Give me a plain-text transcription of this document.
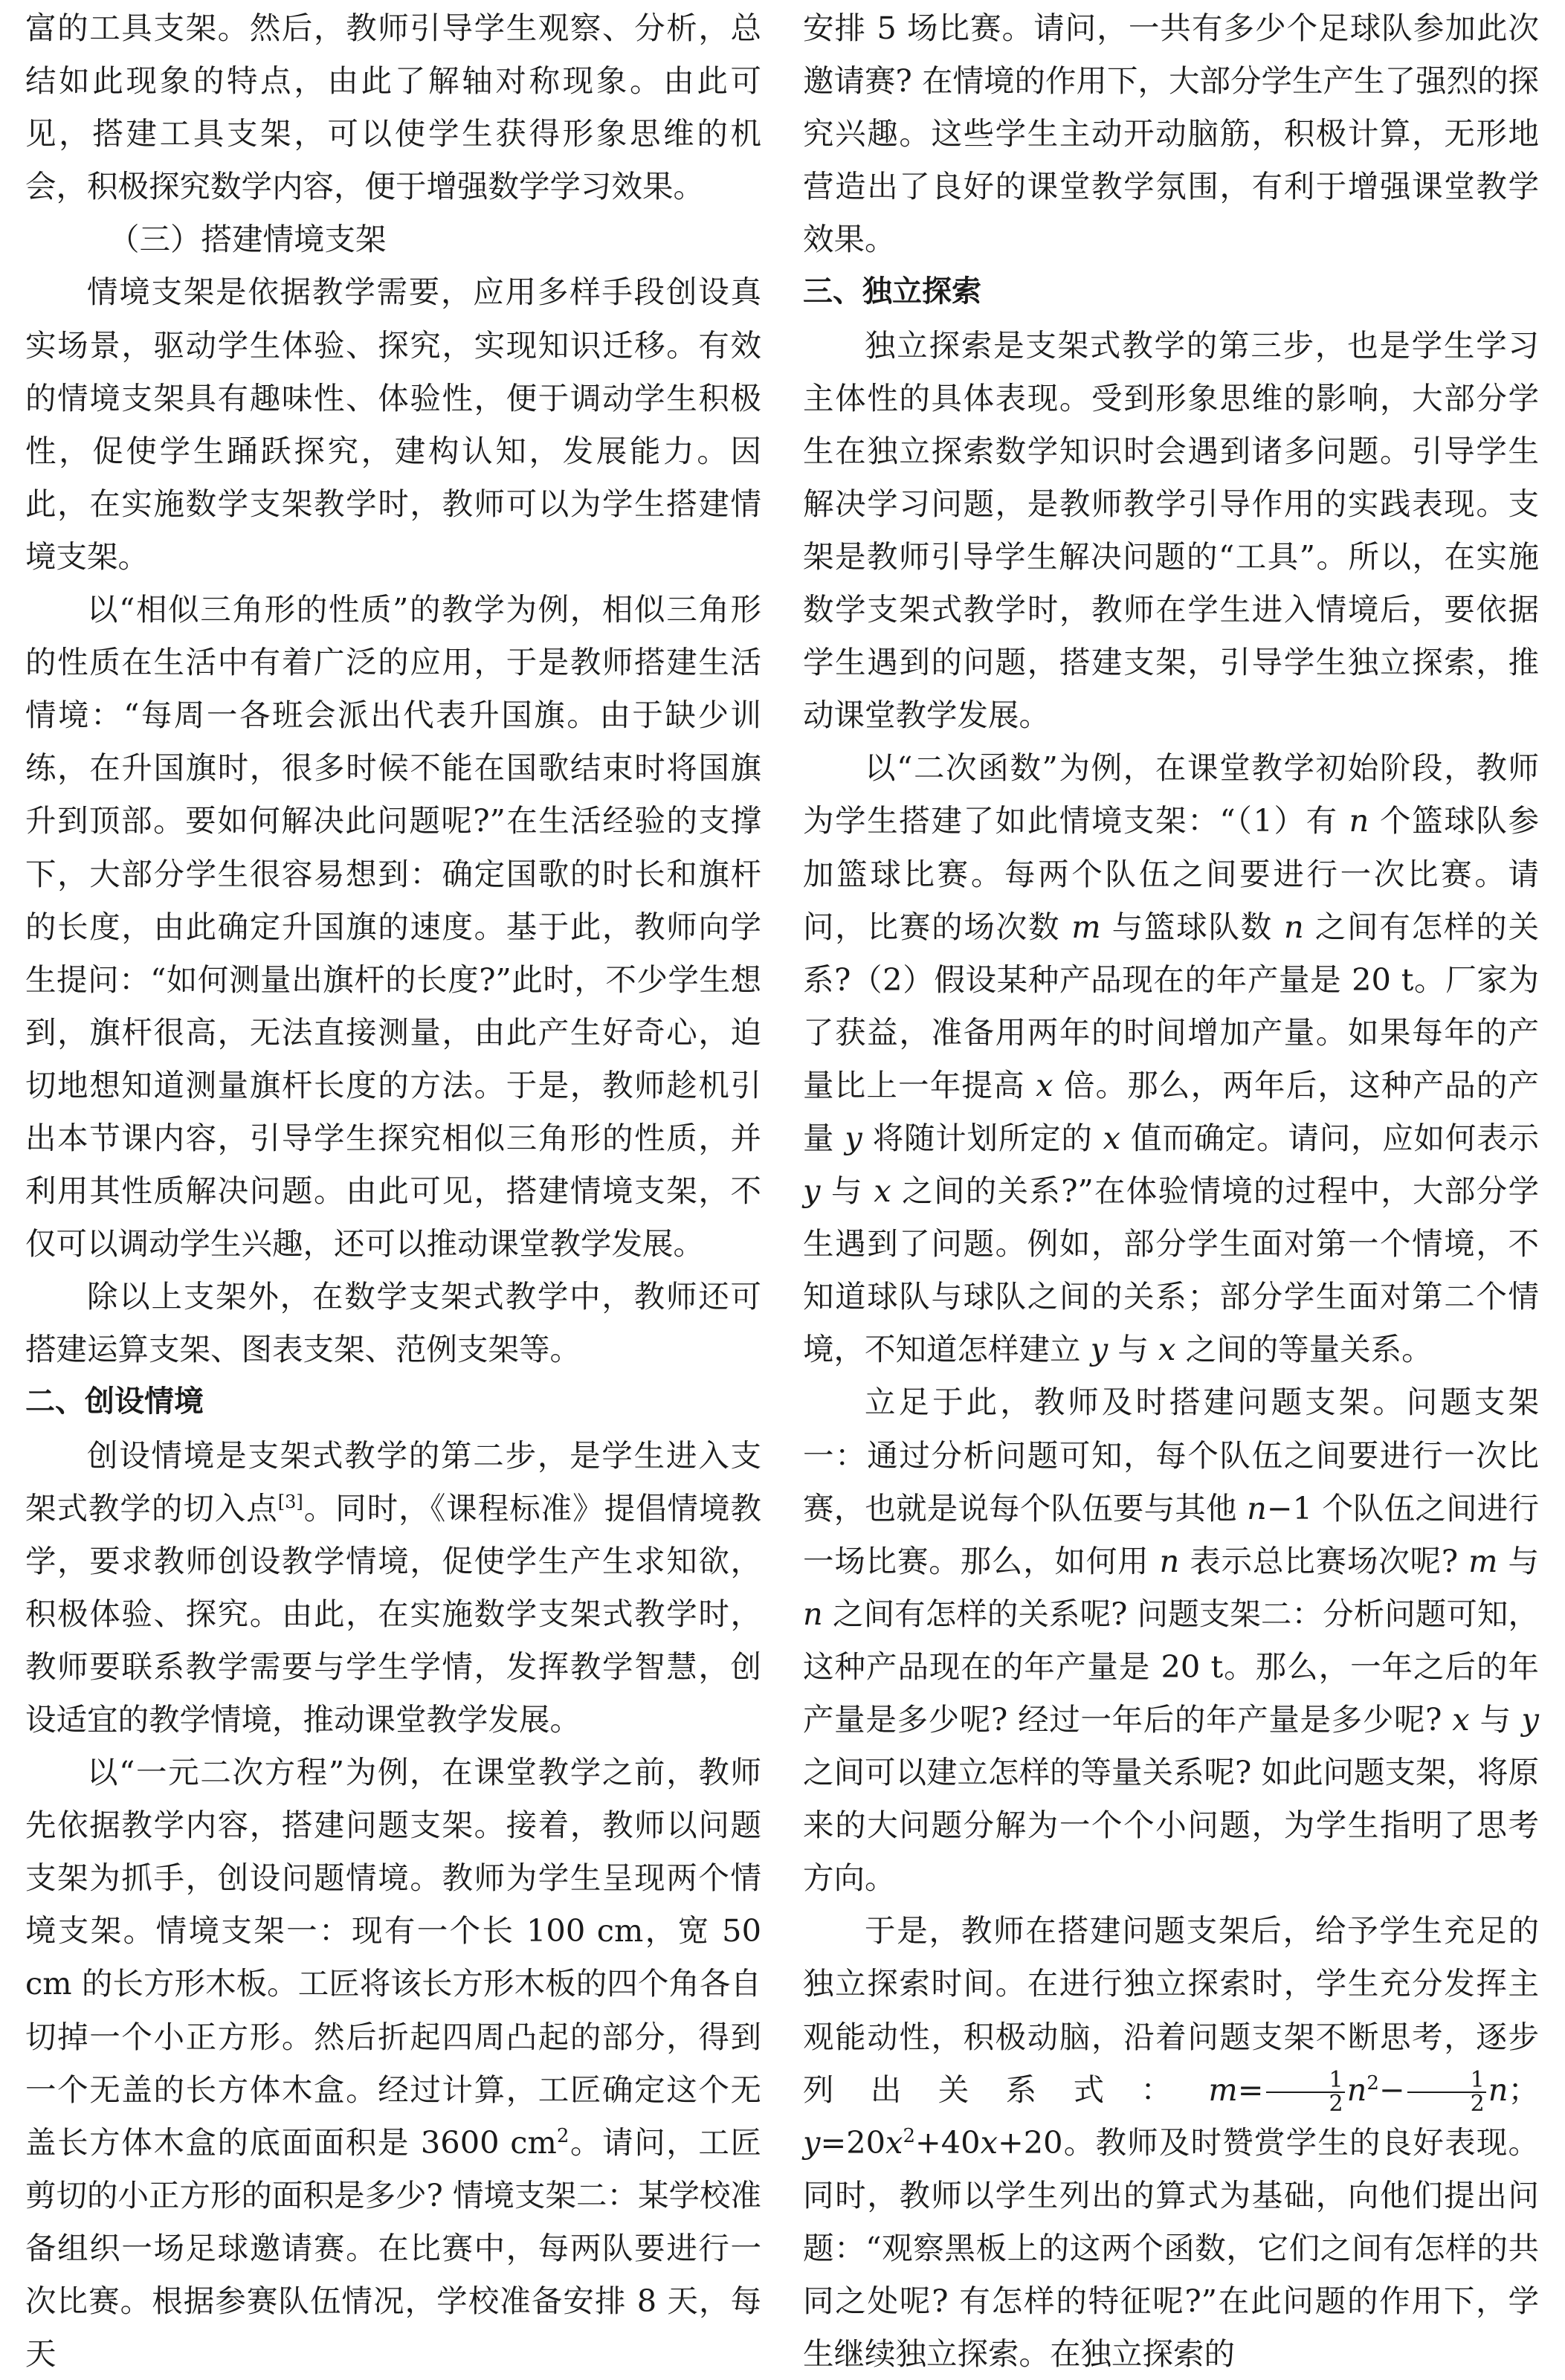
富的工具支架。然后，教师引导学生观察、分析，总结如此现象的特点，由此了解轴对称现象。由此可见，搭建工具支架，可以使学生获得形象思维的机会，积极探究数学内容，便于增强数学学习效果。

（三）搭建情境支架

情境支架是依据教学需要，应用多样手段创设真实场景，驱动学生体验、探究，实现知识迁移。有效的情境支架具有趣味性、体验性，便于调动学生积极性，促使学生踊跃探究，建构认知，发展能力。因此，在实施数学支架教学时，教师可以为学生搭建情境支架。

以“相似三角形的性质”的教学为例，相似三角形的性质在生活中有着广泛的应用，于是教师搭建生活情境：“每周一各班会派出代表升国旗。由于缺少训练，在升国旗时，很多时候不能在国歌结束时将国旗升到顶部。要如何解决此问题呢?”在生活经验的支撑下，大部分学生很容易想到：确定国歌的时长和旗杆的长度，由此确定升国旗的速度。基于此，教师向学生提问：“如何测量出旗杆的长度?”此时，不少学生想到，旗杆很高，无法直接测量，由此产生好奇心，迫切地想知道测量旗杆长度的方法。于是，教师趁机引出本节课内容，引导学生探究相似三角形的性质，并利用其性质解决问题。由此可见，搭建情境支架，不仅可以调动学生兴趣，还可以推动课堂教学发展。

除以上支架外，在数学支架式教学中，教师还可搭建运算支架、图表支架、范例支架等。

二、创设情境

创设情境是支架式教学的第二步，是学生进入支架式教学的切入点[3]。同时，《课程标准》提倡情境教学，要求教师创设教学情境，促使学生产生求知欲，积极体验、探究。由此，在实施数学支架式教学时，教师要联系教学需要与学生学情，发挥教学智慧，创设适宜的教学情境，推动课堂教学发展。

以“一元二次方程”为例，在课堂教学之前，教师先依据教学内容，搭建问题支架。接着，教师以问题支架为抓手，创设问题情境。教师为学生呈现两个情境支架。情境支架一：现有一个长 100 cm，宽 50 cm 的长方形木板。工匠将该长方形木板的四个角各自切掉一个小正方形。然后折起四周凸起的部分，得到一个无盖的长方体木盒。经过计算，工匠确定这个无盖长方体木盒的底面面积是 3600 $cm^2$。请问，工匠剪切的小正方形的面积是多少? 情境支架二：某学校准备组织一场足球邀请赛。在比赛中，每两队要进行一次比赛。根据参赛队伍情况，学校准备安排 8 天，每天

安排 5 场比赛。请问，一共有多少个足球队参加此次邀请赛? 在情境的作用下，大部分学生产生了强烈的探究兴趣。这些学生主动开动脑筋，积极计算，无形地营造出了良好的课堂教学氛围，有利于增强课堂教学效果。

三、独立探索

独立探索是支架式教学的第三步，也是学生学习主体性的具体表现。受到形象思维的影响，大部分学生在独立探索数学知识时会遇到诸多问题。引导学生解决学习问题，是教师教学引导作用的实践表现。支架是教师引导学生解决问题的“工具”。所以，在实施数学支架式教学时，教师在学生进入情境后，要依据学生遇到的问题，搭建支架，引导学生独立探索，推动课堂教学发展。

以“二次函数”为例，在课堂教学初始阶段，教师为学生搭建了如此情境支架：“（1）有 n 个篮球队参加篮球比赛。每两个队伍之间要进行一次比赛。请问，比赛的场次数 m 与篮球队数 n 之间有怎样的关系?（2）假设某种产品现在的年产量是 20 t。厂家为了获益，准备用两年的时间增加产量。如果每年的产量比上一年提高 x 倍。那么，两年后，这种产品的产量 y 将随计划所定的 x 值而确定。请问，应如何表示 y 与 x 之间的关系?”在体验情境的过程中，大部分学生遇到了问题。例如，部分学生面对第一个情境，不知道球队与球队之间的关系；部分学生面对第二个情境，不知道怎样建立 y 与 x 之间的等量关系。

立足于此，教师及时搭建问题支架。问题支架一：通过分析问题可知，每个队伍之间要进行一次比赛，也就是说每个队伍要与其他 n−1 个队伍之间进行一场比赛。那么，如何用 n 表示总比赛场次呢? m 与 n 之间有怎样的关系呢? 问题支架二：分析问题可知，这种产品现在的年产量是 20 t。那么，一年之后的年产量是多少呢? 经过一年后的年产量是多少呢? x 与 y 之间可以建立怎样的等量关系呢? 如此问题支架，将原来的大问题分解为一个个小问题，为学生指明了思考方向。

于是，教师在搭建问题支架后，给予学生充足的独立探索时间。在进行独立探索时，学生充分发挥主观能动性，积极动脑，沿着问题支架不断思考，逐步列出关系式：$m= \frac{1}{2} n^2- \frac{1}{2}$ n；$y=20x^2+40x+20$。教师及时赞赏学生的良好表现。同时，教师以学生列出的算式为基础，向他们提出问题：“观察黑板上的这两个函数，它们之间有怎样的共同之处呢? 有怎样的特征呢?”在此问题的作用下，学生继续独立探索。在独立探索的
